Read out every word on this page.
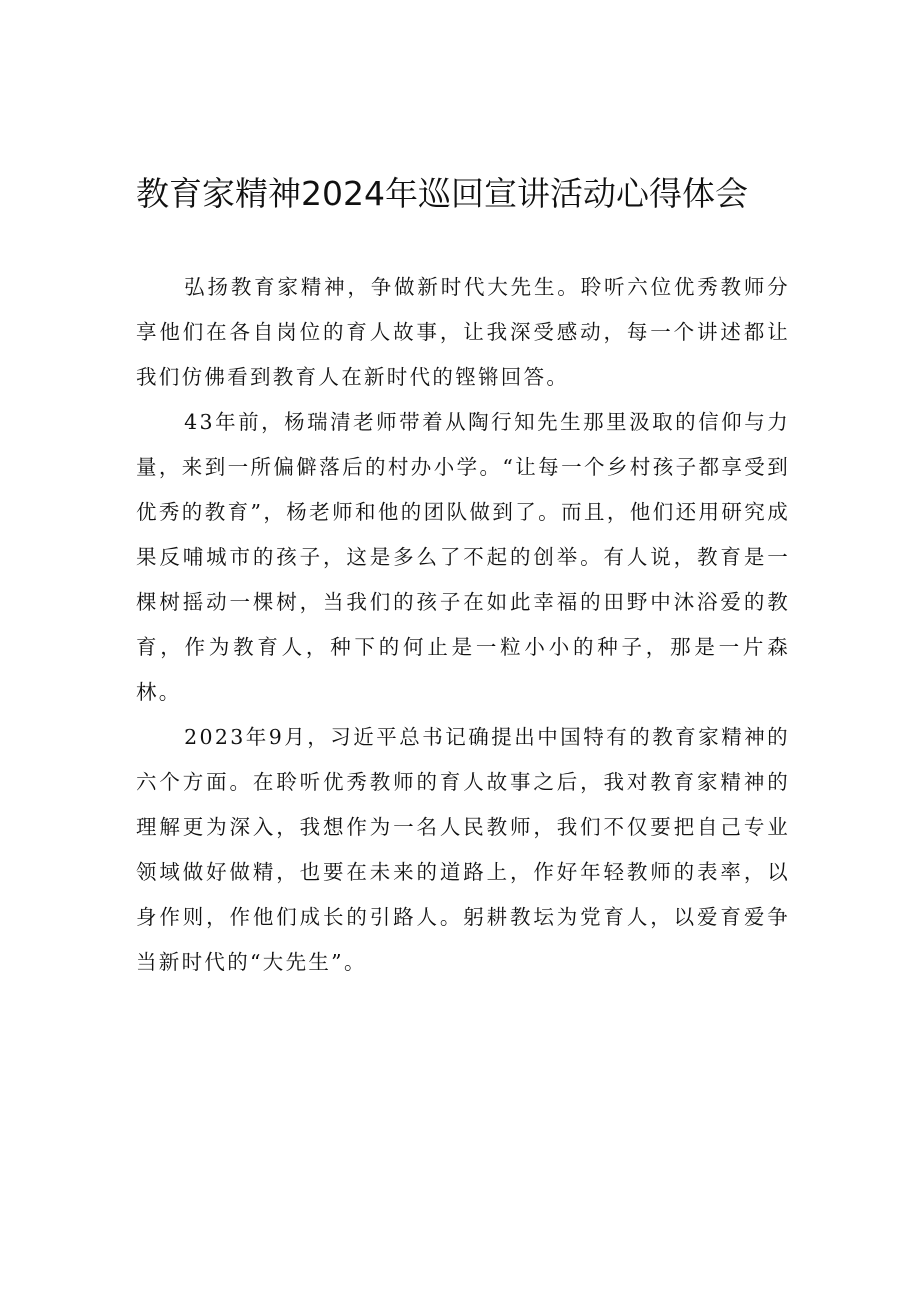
教育家精神2024年巡回宣讲活动心得体会

弘扬教育家精神，争做新时代大先生。聆听六位优秀教师分享他们在各自岗位的育人故事，让我深受感动，每一个讲述都让我们仿佛看到教育人在新时代的铿锵回答。

43年前，杨瑞清老师带着从陶行知先生那里汲取的信仰与力量，来到一所偏僻落后的村办小学。“让每一个乡村孩子都享受到优秀的教育”，杨老师和他的团队做到了。而且，他们还用研究成果反哺城市的孩子，这是多么了不起的创举。有人说，教育是一棵树摇动一棵树，当我们的孩子在如此幸福的田野中沐浴爱的教育，作为教育人，种下的何止是一粒小小的种子，那是一片森林。

2023年9月，习近平总书记确提出中国特有的教育家精神的六个方面。在聆听优秀教师的育人故事之后，我对教育家精神的理解更为深入，我想作为一名人民教师，我们不仅要把自己专业领域做好做精，也要在未来的道路上，作好年轻教师的表率，以身作则，作他们成长的引路人。躬耕教坛为党育人，以爱育爱争当新时代的“大先生”。
